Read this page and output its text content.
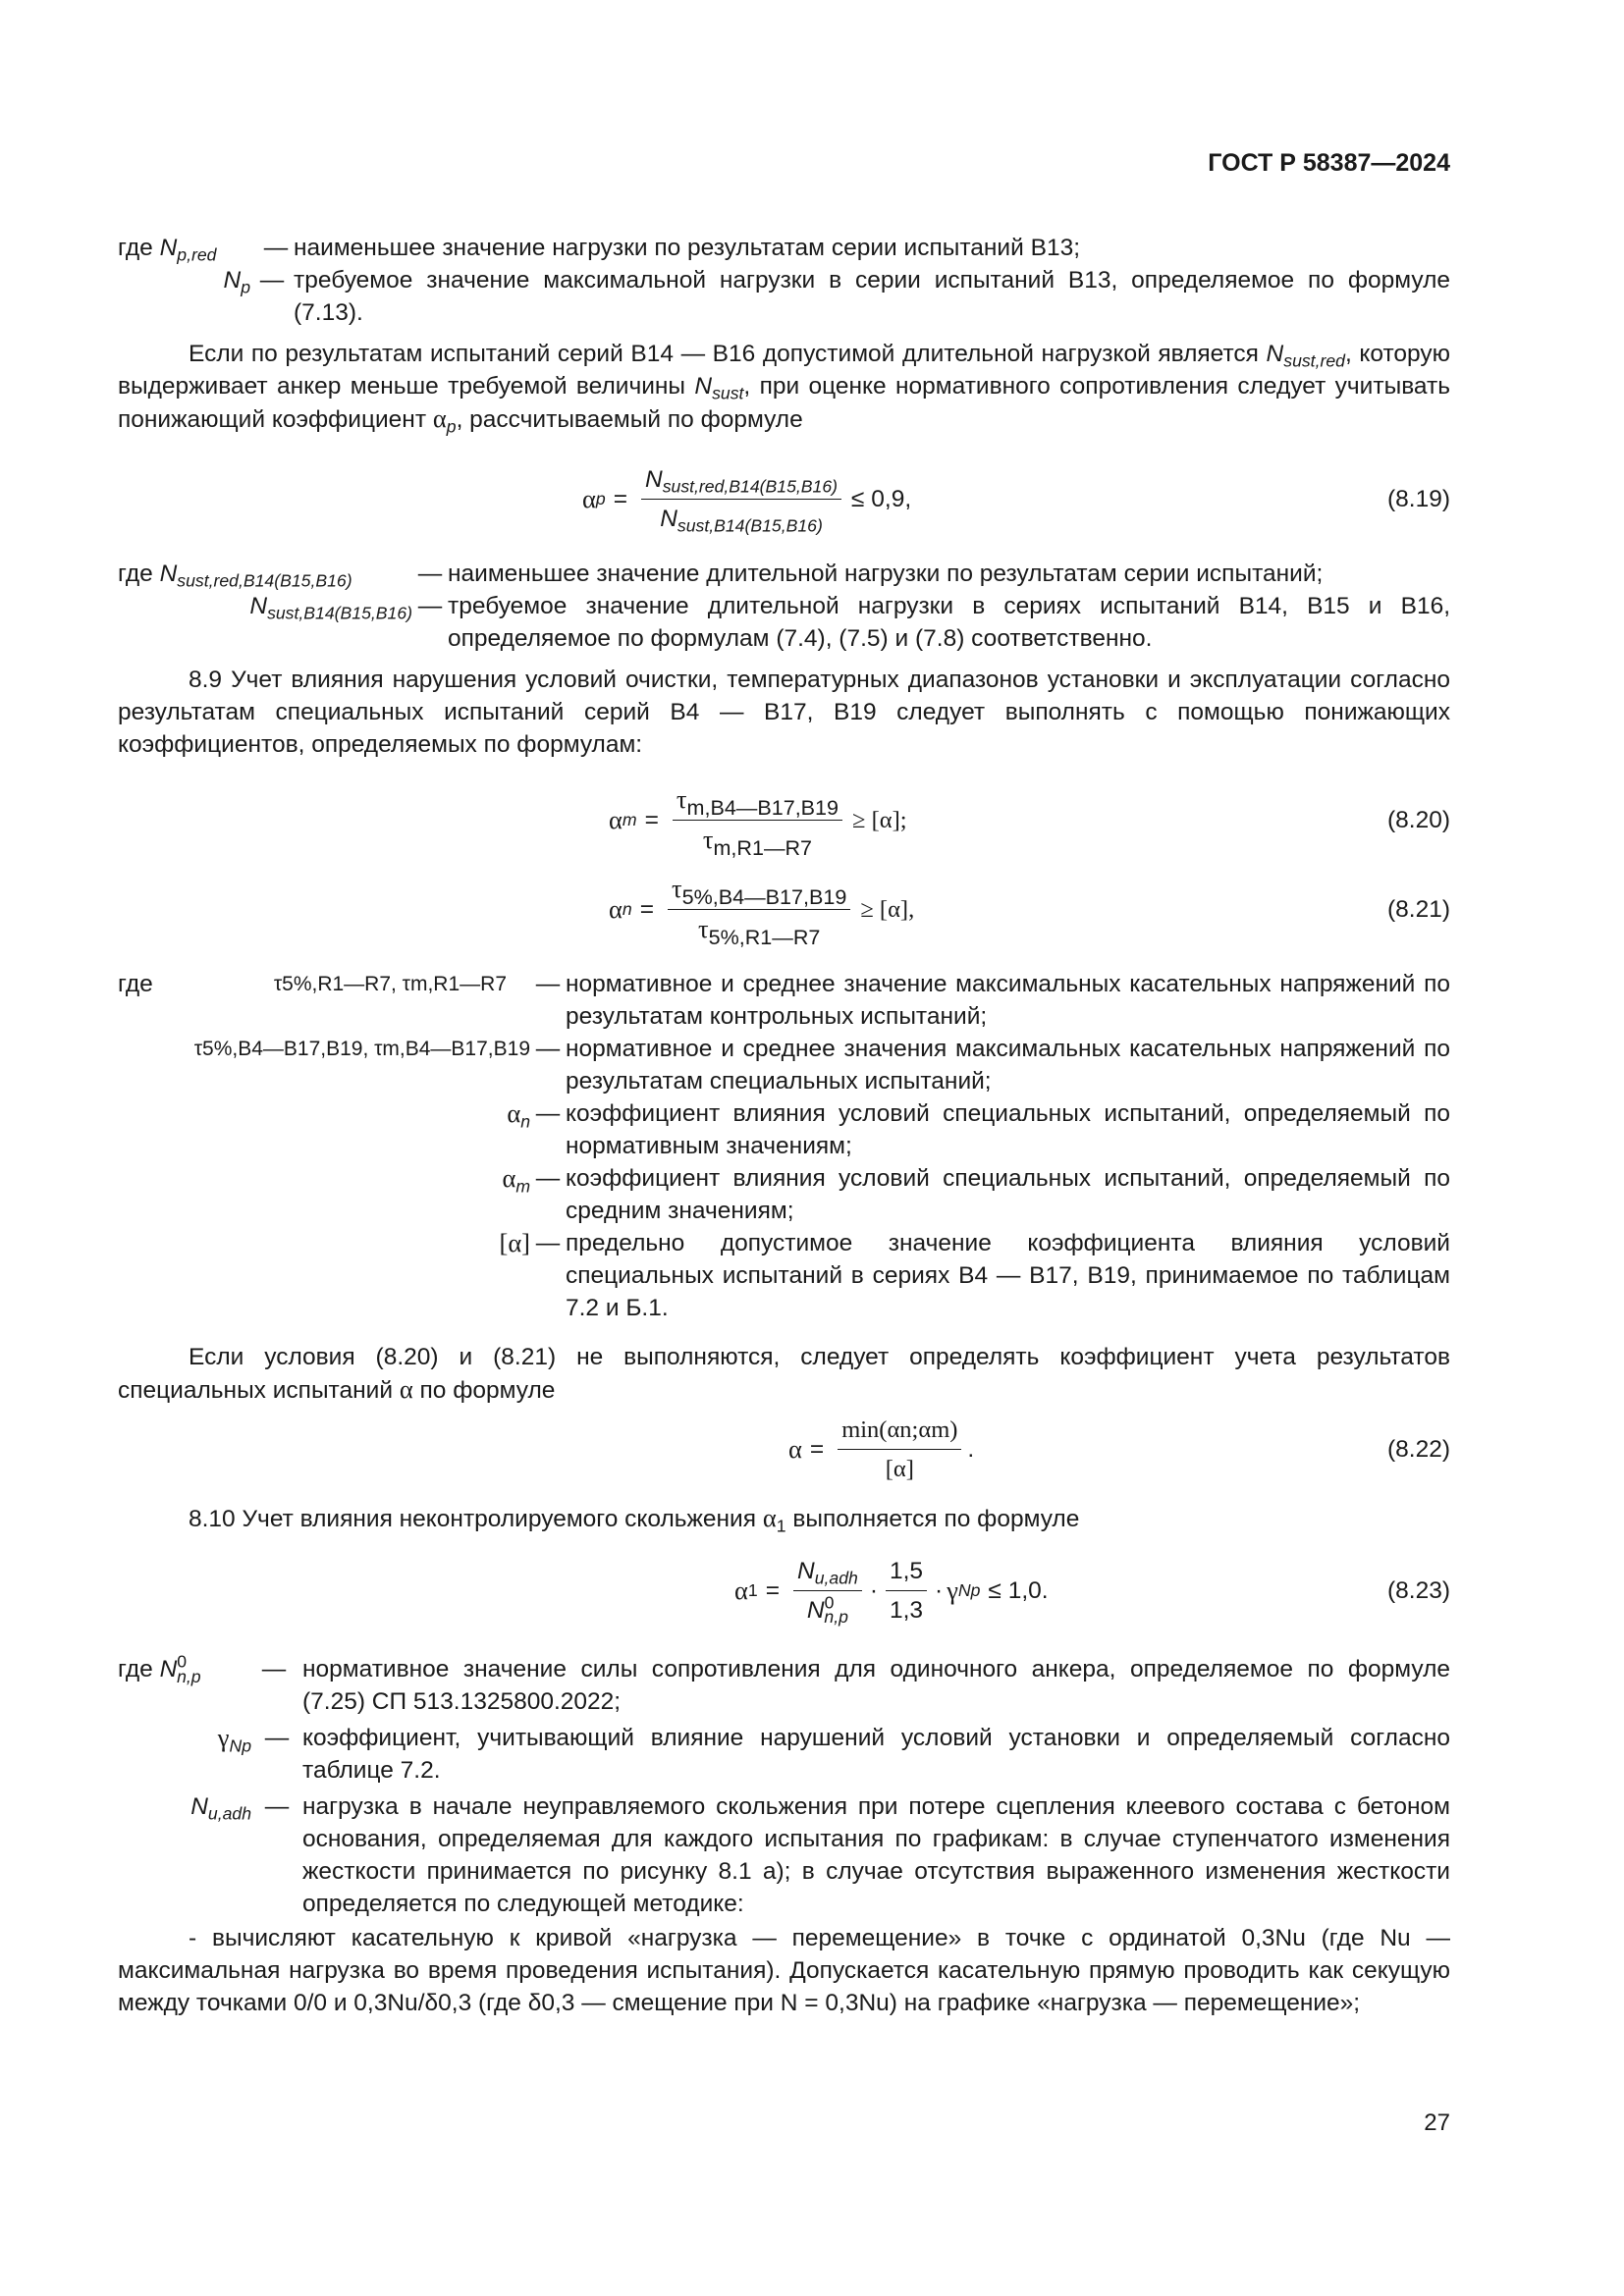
ГОСТ Р 58387—2024
где $N_{p,red}$	— наименьшее значение нагрузки по результатам серии испытаний В13;
$N_p$ — требуемое значение максимальной нагрузки в серии испытаний В13, определяемое по формуле (7.13).
Если по результатам испытаний серий В14 — В16 допустимой длительной нагрузкой является $N_{sust,red}$, которую выдерживает анкер меньше требуемой величины $N_{sust}$, при оценке нормативного сопротивления следует учитывать понижающий коэффициент $\alpha_p$, рассчитываемый по формуле
α $p = \frac{N_{sust,red,B14(B15,B16)}}{N_{sust,B14(B15,B16)}} \le 0,9$,	(8.19)
где $N_{sust,red,B14(B15,B16)}$	— наименьшее значение длительной нагрузки по результатам серии испытаний;
$N_{sust,B14(B15,B16)}$ — требуемое значение длительной нагрузки в сериях испытаний В14, В15 и В16, определяемое по формулам (7.4), (7.5) и (7.8) соответственно.
8.9 Учет влияния нарушения условий очистки, температурных диапазонов установки и эксплуатации согласно результатам специальных испытаний серий В4 — В17, В19 следует выполнять с помощью понижающих коэффициентов, определяемых по формулам:
α $m = \frac{\tau_{m,B4—B17,B19}}{\tau_{m,R1—R7}} \ge [\alpha]$;	(8.20)
α $n = \frac{\tau_{5\%,B4—B17,B19}}{\tau_{5\%,R1—R7}} \ge [\alpha]$,	(8.21)
где	τ5%,R1—R7, τm,R1—R7 — нормативное и среднее значение максимальных касательных напряжений по результатам контрольных испытаний;
τ5%,B4—B17,B19, τm,B4—B17,B19 — нормативное и среднее значения максимальных касательных напряжений по результатам специальных испытаний;
$\alpha_n$ — коэффициент влияния условий специальных испытаний, определяемый по нормативным значениям;
$\alpha_m$ — коэффициент влияния условий специальных испытаний, определяемый по средним значениям;
[α] — предельно допустимое значение коэффициента влияния условий специальных испытаний в сериях В4 — В17, В19, принимаемое по таблицам 7.2 и Б.1.
Если условия (8.20) и (8.21) не выполняются, следует определять коэффициент учета результатов специальных испытаний α по формуле
$\alpha = \frac{\min(\alpha n;\alpha m)}{[\alpha]}$ .	(8.22)
8.10 Учет влияния неконтролируемого скольжения $\alpha_1$ выполняется по формуле
α $1 = \frac{N_{u,adh}}{N^0_{n,p}} \cdot \frac{1,5}{1,3} \cdot \gamma$ Np ≤ 1,0.	(8.23)
где $N^0_{n,p}$	— нормативное значение силы сопротивления для одиночного анкера, определяемое по формуле (7.25) СП 513.1325800.2022;
$\gamma_{Np}$ — коэффициент, учитывающий влияние нарушений условий установки и определяемый согласно таблице 7.2.
$N_{u,adh}$ — нагрузка в начале неуправляемого скольжения при потере сцепления клеевого состава с бетоном основания, определяемая для каждого испытания по графикам: в случае ступенчатого изменения жесткости принимается по рисунку 8.1 а); в случае отсутствия выраженного изменения жесткости определяется по следующей методике:
- вычисляют касательную к кривой «нагрузка — перемещение» в точке с ординатой 0,3Nu (где Nu — максимальная нагрузка во время проведения испытания). Допускается касательную прямую проводить как секущую между точками 0/0 и 0,3Nu/δ0,3 (где δ0,3 — смещение при N = 0,3Nu) на графике «нагрузка — перемещение»;
27
